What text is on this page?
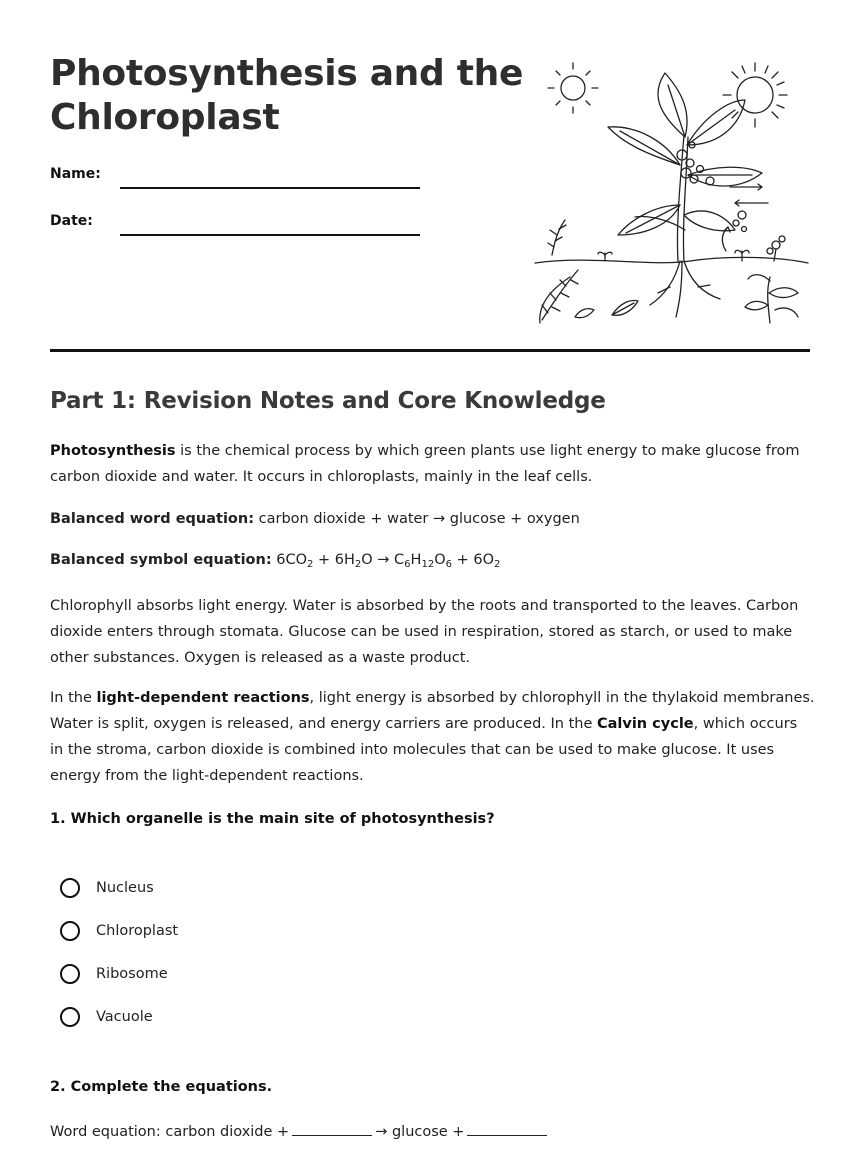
Photosynthesis and the
Chloroplast
Name:
Date:
Part 1: Revision Notes and Core Knowledge

Photosynthesis is the chemical process by which green plants use light energy to make glucose from carbon dioxide and water. It occurs in chloroplasts, mainly in the leaf cells.

Balanced word equation: carbon dioxide + water → glucose + oxygen
Balanced symbol equation: $6CO_2 + 6H_2O \to C_6H_{12}O_6 + 6O_2$

Chlorophyll absorbs light energy. Water is absorbed by the roots and transported to the leaves. Carbon dioxide enters through stomata. Glucose can be used in respiration, stored as starch, or used to make other substances. Oxygen is released as a waste product.

In the light-dependent reactions, light energy is absorbed by chlorophyll in the thylakoid membranes. Water is split, oxygen is released, and energy carriers are produced. In the Calvin cycle, which occurs in the stroma, carbon dioxide is combined into molecules that can be used to make glucose. It uses energy from the light-dependent reactions.

1. Which organelle is the main site of photosynthesis?
Nucleus
Chloroplast
Ribosome
Vacuole
2. Complete the equations.
Word equation: carbon dioxide +	→ glucose +
